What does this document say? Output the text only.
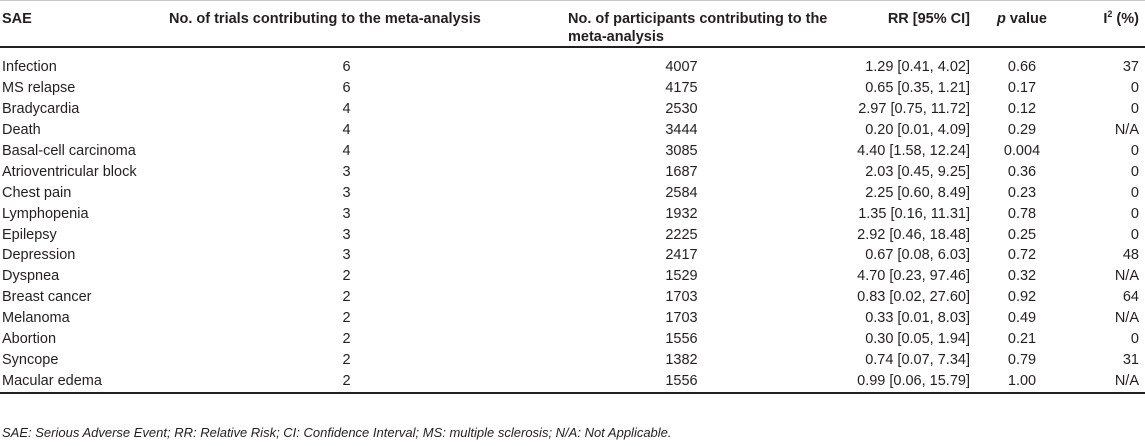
SAE	No. of trials contributing to the meta-analysis	No. of participants contributing to the meta-analysis	RR [95% CI]	p value	$I^2$ (%)
Infection	6	4007	1.29 [0.41, 4.02]	0.66	37
MS relapse	6	4175	0.65 [0.35, 1.21]	0.17	0
Bradycardia	4	2530	2.97 [0.75, 11.72]	0.12	0
Death	4	3444	0.20 [0.01, 4.09]	0.29	N/A
Basal-cell carcinoma	4	3085	4.40 [1.58, 12.24]	0.004	0
Atrioventricular block	3	1687	2.03 [0.45, 9.25]	0.36	0
Chest pain	3	2584	2.25 [0.60, 8.49]	0.23	0
Lymphopenia	3	1932	1.35 [0.16, 11.31]	0.78	0
Epilepsy	3	2225	2.92 [0.46, 18.48]	0.25	0
Depression	3	2417	0.67 [0.08, 6.03]	0.72	48
Dyspnea	2	1529	4.70 [0.23, 97.46]	0.32	N/A
Breast cancer	2	1703	0.83 [0.02, 27.60]	0.92	64
Melanoma	2	1703	0.33 [0.01, 8.03]	0.49	N/A
Abortion	2	1556	0.30 [0.05, 1.94]	0.21	0
Syncope	2	1382	0.74 [0.07, 7.34]	0.79	31
Macular edema	2	1556	0.99 [0.06, 15.79]	1.00	N/A
SAE: Serious Adverse Event; RR: Relative Risk; CI: Confidence Interval; MS: multiple sclerosis; N/A: Not Applicable.
